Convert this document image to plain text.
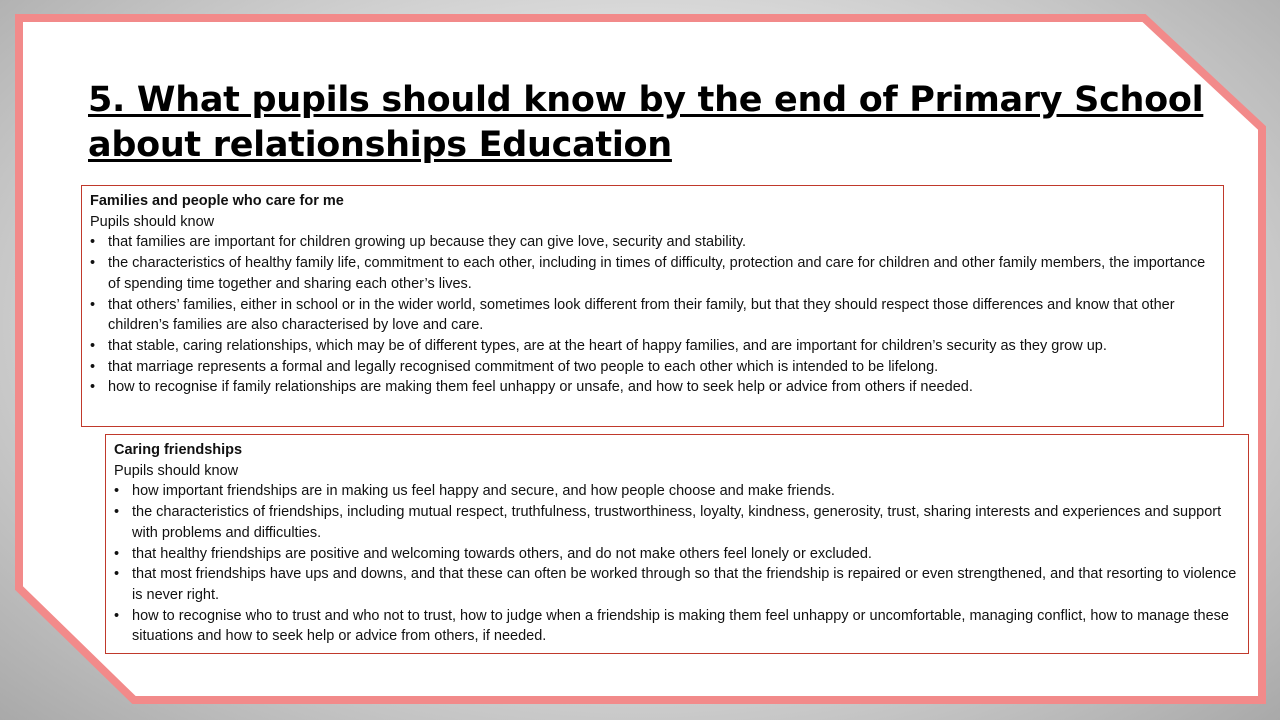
5. What pupils should know by the end of Primary School
about relationships Education
Families and people who care for me
Pupils should know
• that families are important for children growing up because they can give love, security and stability.
• the characteristics of healthy family life, commitment to each other, including in times of difficulty, protection and care for children and other family members, the importance of spending time together and sharing each other’s lives.
• that others’ families, either in school or in the wider world, sometimes look different from their family, but that they should respect those differences and know that other children’s families are also characterised by love and care.
• that stable, caring relationships, which may be of different types, are at the heart of happy families, and are important for children’s security as they grow up.
• that marriage represents a formal and legally recognised commitment of two people to each other which is intended to be lifelong.
• how to recognise if family relationships are making them feel unhappy or unsafe, and how to seek help or advice from others if needed.
Caring friendships
Pupils should know
• how important friendships are in making us feel happy and secure, and how people choose and make friends.
• the characteristics of friendships, including mutual respect, truthfulness, trustworthiness, loyalty, kindness, generosity, trust, sharing interests and experiences and support with problems and difficulties.
• that healthy friendships are positive and welcoming towards others, and do not make others feel lonely or excluded.
• that most friendships have ups and downs, and that these can often be worked through so that the friendship is repaired or even strengthened, and that resorting to violence is never right.
• how to recognise who to trust and who not to trust, how to judge when a friendship is making them feel unhappy or uncomfortable, managing conflict, how to manage these situations and how to seek help or advice from others, if needed.
